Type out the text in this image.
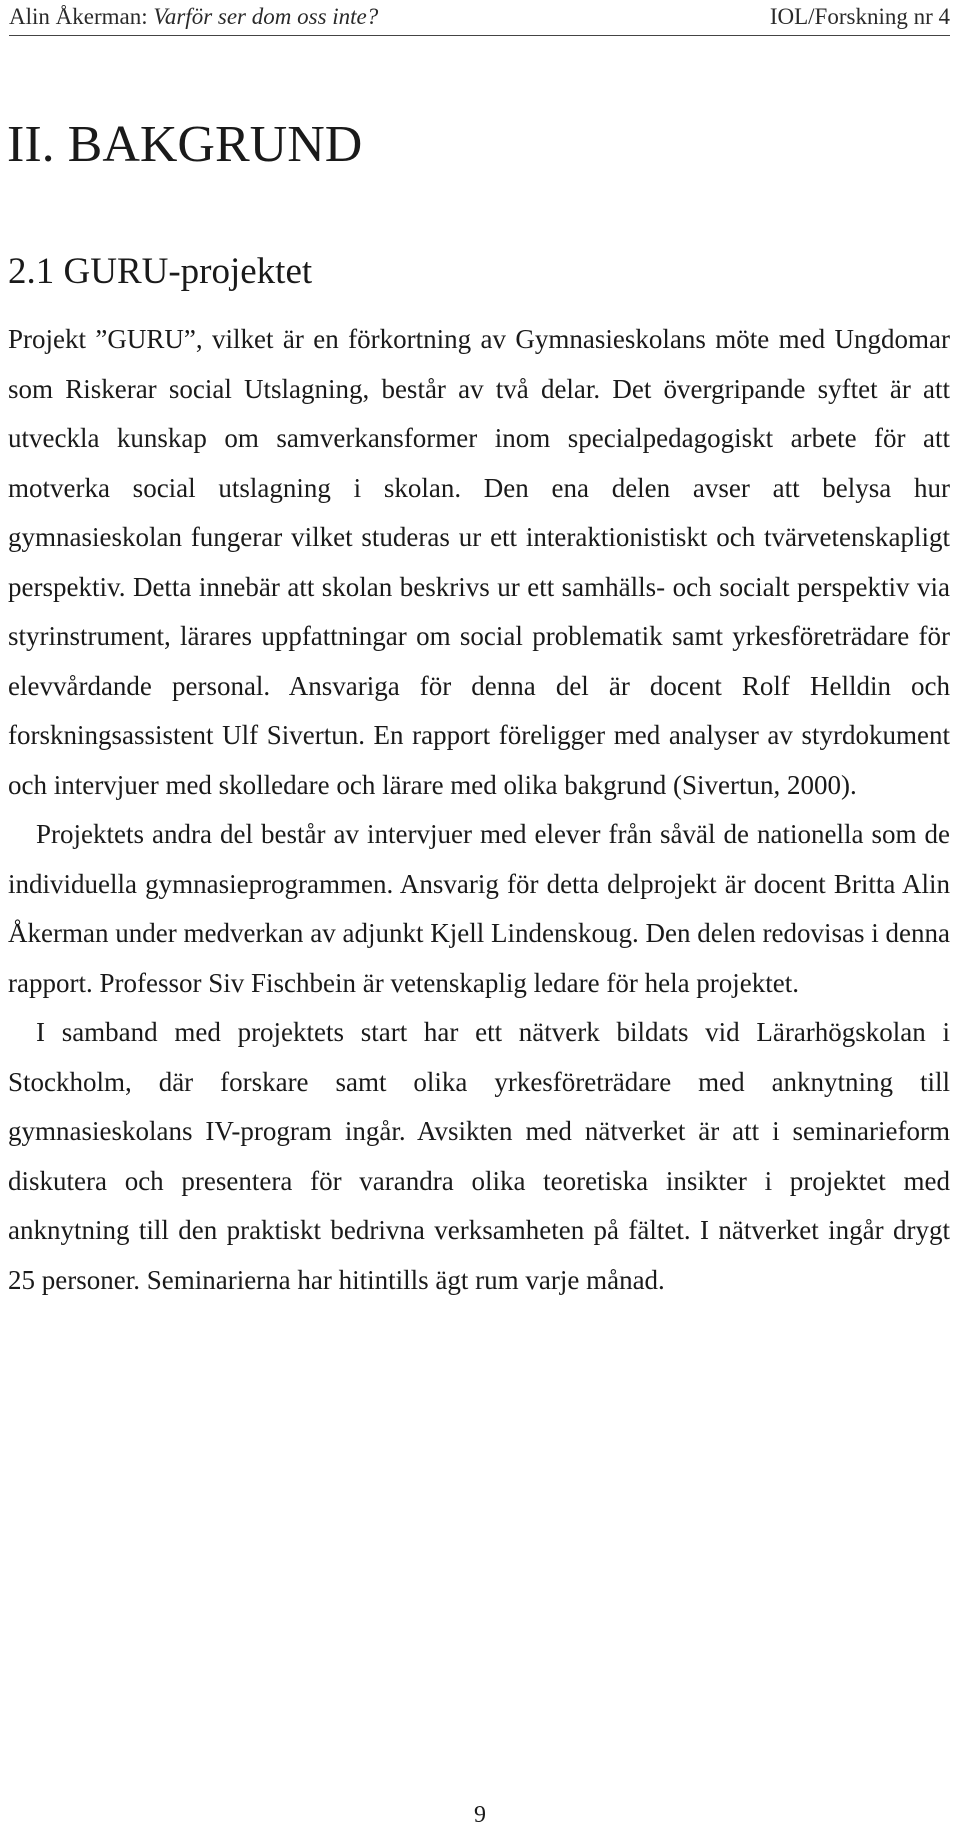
Alin Åkerman: Varför ser dom oss inte?	IOL/Forskning nr 4
II. BAKGRUND
2.1 GURU-projektet

Projekt ”GURU”, vilket är en förkortning av Gymnasieskolans möte med Ungdomar som Riskerar social Utslagning, består av två delar. Det övergripande syftet är att utveckla kunskap om samverkansformer inom specialpedagogiskt arbete för att motverka social utslagning i skolan. Den ena delen avser att belysa hur gymnasieskolan fungerar vilket studeras ur ett interaktionistiskt och tvärvetenskapligt perspektiv. Detta innebär att skolan beskrivs ur ett samhälls- och socialt perspektiv via styrinstrument, lärares uppfattningar om social problematik samt yrkesföreträdare för elevvårdande personal. Ansvariga för denna del är docent Rolf Helldin och forskningsassistent Ulf Sivertun. En rapport föreligger med analyser av styrdokument och intervjuer med skolledare och lärare med olika bakgrund (Sivertun, 2000).

Projektets andra del består av intervjuer med elever från såväl de nationella som de individuella gymnasieprogrammen. Ansvarig för detta delprojekt är docent Britta Alin Åkerman under medverkan av adjunkt Kjell Lindenskoug. Den delen redovisas i denna rapport. Professor Siv Fischbein är vetenskaplig ledare för hela projektet.

I samband med projektets start har ett nätverk bildats vid Lärarhögskolan i Stockholm, där forskare samt olika yrkesföreträdare med anknytning till gymnasieskolans IV-program ingår. Avsikten med nätverket är att i seminarieform diskutera och presentera för varandra olika teoretiska insikter i projektet med anknytning till den praktiskt bedrivna verksamheten på fältet. I nätverket ingår drygt 25 personer. Seminarierna har hitintills ägt rum varje månad.

9
